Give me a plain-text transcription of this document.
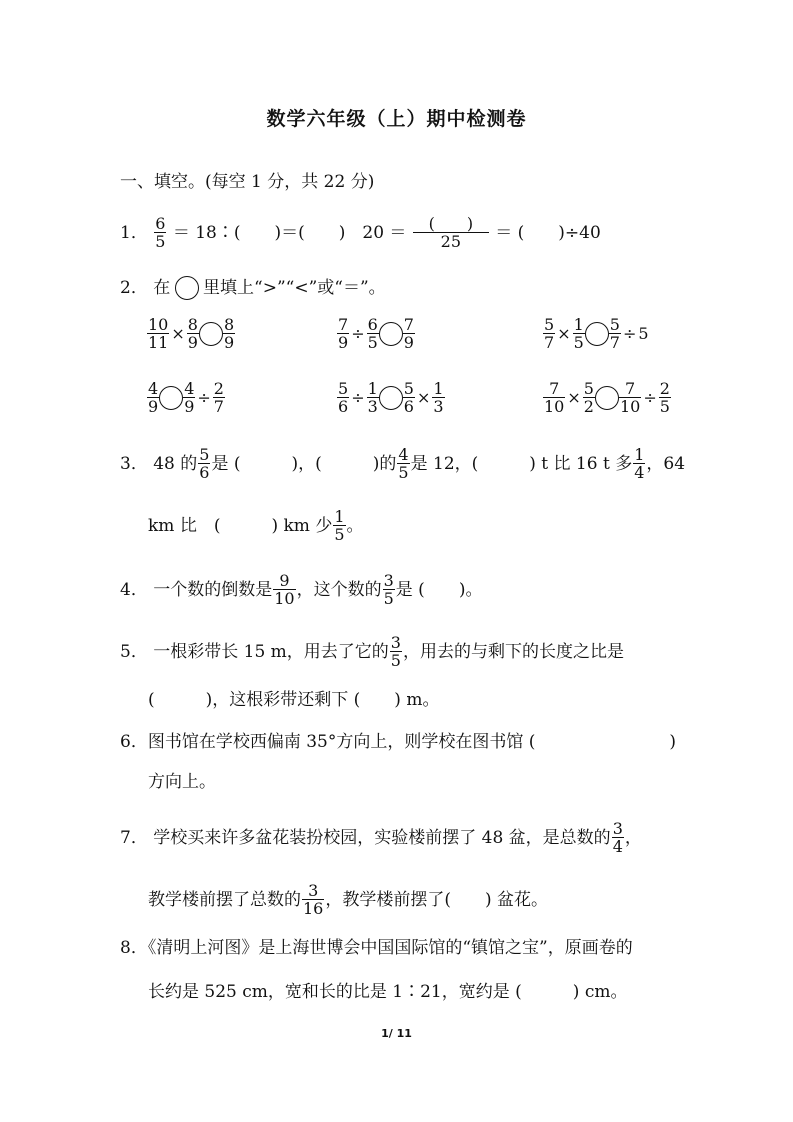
数学六年级（上）期中检测卷
一、填空。(每空 1 分，共 22 分)
1． $\frac{6}{5}$ ＝ 18∶(　　)＝(　　)　$20 = \frac{( )}{25}$ ＝ (　　)÷40
2． 在 里填上“>”“<”或“＝”。
$\frac{10}{11} \times \frac{8}{9} \frac{8}{9}$	$\frac{7}{9} \div \frac{6}{5} \frac{7}{9}$	$\frac{5}{7} \times \frac{1}{5} \frac{5}{7} \div 5$
$\frac{4}{9} \frac{4}{9} \div \frac{2}{7}$	$\frac{5}{6} \div \frac{1}{3} \frac{5}{6} \times \frac{1}{3}$	$\frac{7}{10} \times \frac{5}{2} \frac{7}{10} \div \frac{2}{5}$
3． 48 的 $\frac{5}{6}$ 是 (　　　)，(　　　)的 $\frac{4}{5}$ 是 12，(　　　) t 比 16 t 多 $\frac{1}{4}$ ，64
km 比　(　　　) km 少 $\frac{1}{5}$ 。
4． 一个数的倒数是 $\frac{9}{10}$ ，这个数的 $\frac{3}{5}$ 是 (　　)。
5． 一根彩带长 15 m，用去了它的 $\frac{3}{5}$ ，用去的与剩下的长度之比是
(　　　)，这根彩带还剩下 (　　) m。
6．图书馆在学校西偏南 35°方向上，则学校在图书馆 (	)
方向上。
7． 学校买来许多盆花装扮校园，实验楼前摆了 48 盆，是总数的 $\frac{3}{4}$ ，
教学楼前摆了总数的 $\frac{3}{16}$ ，教学楼前摆了(　　) 盆花。
8．《清明上河图》是上海世博会中国国际馆的“镇馆之宝”，原画卷的
长约是 525 cm，宽和长的比是 1∶21，宽约是 (　　　) cm。
1/ 11
